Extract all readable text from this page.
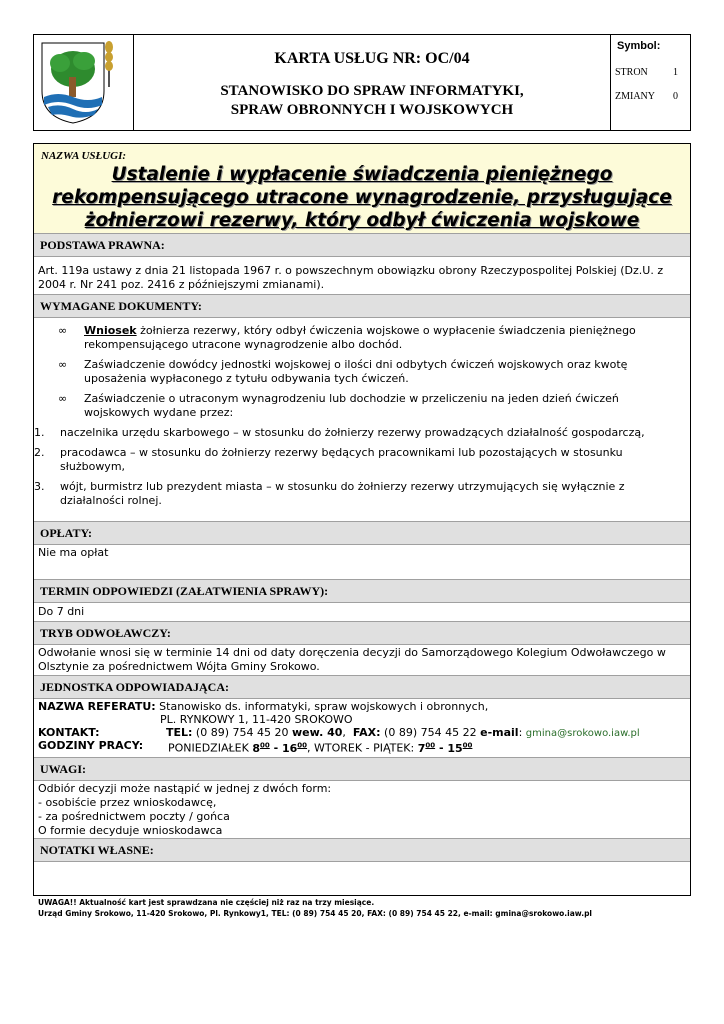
KARTA USŁUG NR: OC/04
STANOWISKO DO SPRAW INFORMATYKI,
SPRAW OBRONNYCH I WOJSKOWYCH
Symbol:
STRON	1
ZMIANY 0
NAZWA USŁUGI:
Ustalenie i wypłacenie świadczenia pieniężnego
rekompensującego utracone wynagrodzenie, przysługujące
żołnierzowi rezerwy, który odbył ćwiczenia wojskowe
PODSTAWA PRAWNA:
Art. 119a ustawy z dnia 21 listopada 1967 r. o powszechnym obowiązku obrony Rzeczypospolitej Polskiej (Dz.U. z 2004 r. Nr 241 poz. 2416 z późniejszymi zmianami).
WYMAGANE DOKUMENTY:
∞ Wniosek żołnierza rezerwy, który odbył ćwiczenia wojskowe o wypłacenie świadczenia pieniężnego rekompensującego utracone wynagrodzenie albo dochód.
∞ Zaświadczenie dowódcy jednostki wojskowej o ilości dni odbytych ćwiczeń wojskowych oraz kwotę uposażenia wypłaconego z tytułu odbywania tych ćwiczeń.
∞ Zaświadczenie o utraconym wynagrodzeniu lub dochodzie w przeliczeniu na jeden dzień ćwiczeń wojskowych wydane przez:
1. naczelnika urzędu skarbowego – w stosunku do żołnierzy rezerwy prowadzących działalność gospodarczą,
2. pracodawca – w stosunku do żołnierzy rezerwy będących pracownikami lub pozostających w stosunku służbowym,
3. wójt, burmistrz lub prezydent miasta – w stosunku do żołnierzy rezerwy utrzymujących się wyłącznie z działalności rolnej.
OPŁATY:
Nie ma opłat
TERMIN ODPOWIEDZI (ZAŁATWIENIA SPRAWY):
Do 7 dni
TRYB ODWOŁAWCZY:
Odwołanie wnosi się w terminie 14 dni od daty doręczenia decyzji do Samorządowego Kolegium Odwoławczego w Olsztynie za pośrednictwem Wójta Gminy Srokowo.
JEDNOSTKA ODPOWIADAJĄCA:
NAZWA REFERATU: Stanowisko ds. informatyki, spraw wojskowych i obronnych,
PL. RYNKOWY 1, 11-420 SROKOWO
KONTAKT:	TEL: (0 89) 754 45 20 wew. 40,  FAX: (0 89) 754 45 22 e-mail: gmina@srokowo.iaw.pl
GODZINY PRACY: PONIEDZIAŁEK $8^{00} - 16^{00}$, WTOREK - PIĄTEK: $7^{00} - 15^{00}$
UWAGI:
Odbiór decyzji może nastąpić w jednej z dwóch form:
- osobiście przez wnioskodawcę,
- za pośrednictwem poczty / gońca
O formie decyduje wnioskodawca
NOTATKI WŁASNE:
UWAGA!! Aktualność kart jest sprawdzana nie częściej niż raz na trzy miesiące.
Urząd Gminy Srokowo, 11-420 Srokowo, Pl. Rynkowy1, TEL: (0 89) 754 45 20, FAX: (0 89) 754 45 22, e-mail: gmina@srokowo.iaw.pl
